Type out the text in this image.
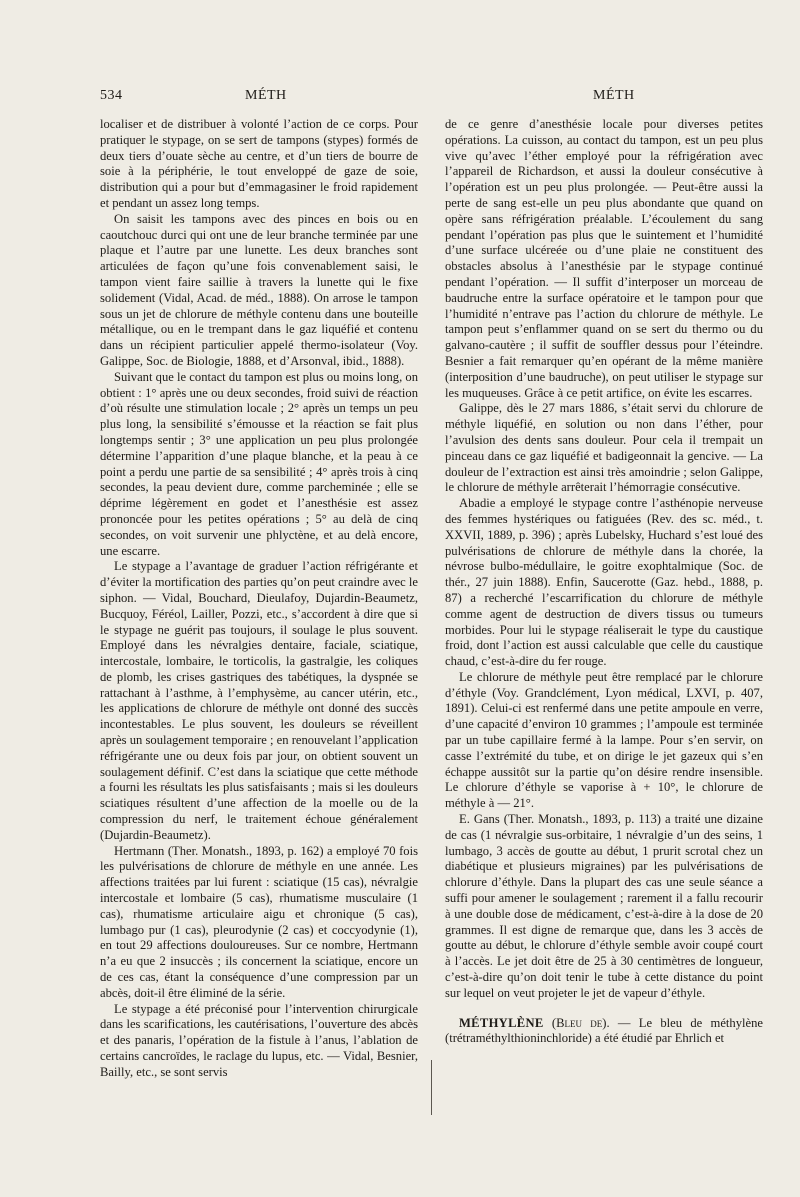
534	MÉTH	MÉTH

localiser et de distribuer à volonté l’action de ce corps. Pour pratiquer le stypage, on se sert de tampons (stypes) formés de deux tiers d’ouate sèche au centre, et d’un tiers de bourre de soie à la périphérie, le tout enveloppé de gaze de soie, distribution qui a pour but d’emmagasiner le froid rapidement et pendant un assez long temps.

On saisit les tampons avec des pinces en bois ou en caoutchouc durci qui ont une de leur branche terminée par une plaque et l’autre par une lunette. Les deux branches sont articulées de façon qu’une fois convenablement saisi, le tampon vient faire saillie à travers la lunette qui le fixe solidement (Vidal, Acad. de méd., 1888). On arrose le tampon sous un jet de chlorure de méthyle contenu dans une bouteille métallique, ou en le trempant dans le gaz liquéfié et contenu dans un récipient particulier appelé thermo-isolateur (Voy. Galippe, Soc. de Biologie, 1888, et d’Arsonval, ibid., 1888).

Suivant que le contact du tampon est plus ou moins long, on obtient : 1° après une ou deux secondes, froid suivi de réaction d’où résulte une stimulation locale ; 2° après un temps un peu plus long, la sensibilité s’émousse et la réaction se fait plus longtemps sentir ; 3° une application un peu plus prolongée détermine l’apparition d’une plaque blanche, et la peau à ce point a perdu une partie de sa sensibilité ; 4° après trois à cinq secondes, la peau devient dure, comme parcheminée ; elle se déprime légèrement en godet et l’anesthésie est assez prononcée pour les petites opérations ; 5° au delà de cinq secondes, on voit survenir une phlyctène, et au delà encore, une escarre.

Le stypage a l’avantage de graduer l’action réfrigérante et d’éviter la mortification des parties qu’on peut craindre avec le siphon. — Vidal, Bouchard, Dieulafoy, Dujardin-Beaumetz, Bucquoy, Féréol, Lailler, Pozzi, etc., s’accordent à dire que si le stypage ne guérit pas toujours, il soulage le plus souvent. Employé dans les névralgies dentaire, faciale, sciatique, intercostale, lombaire, le torticolis, la gastralgie, les coliques de plomb, les crises gastriques des tabétiques, la dyspnée se rattachant à l’asthme, à l’emphysème, au cancer utérin, etc., les applications de chlorure de méthyle ont donné des succès incontestables. Le plus souvent, les douleurs se réveillent après un soulagement temporaire ; en renouvelant l’application réfrigérante une ou deux fois par jour, on obtient souvent un soulagement définif. C’est dans la sciatique que cette méthode a fourni les résultats les plus satisfaisants ; mais si les douleurs sciatiques résultent d’une affection de la moelle ou de la compression du nerf, le traitement échoue généralement (Dujardin-Beaumetz).

Hertmann (Ther. Monatsh., 1893, p. 162) a employé 70 fois les pulvérisations de chlorure de méthyle en une année. Les affections traitées par lui furent : sciatique (15 cas), névralgie intercostale et lombaire (5 cas), rhumatisme musculaire (1 cas), rhumatisme articulaire aigu et chronique (5 cas), lumbago pur (1 cas), pleurodynie (2 cas) et coccyodynie (1), en tout 29 affections douloureuses. Sur ce nombre, Hertmann n’a eu que 2 insuccès ; ils concernent la sciatique, encore un de ces cas, étant la conséquence d’une compression par un abcès, doit-il être éliminé de la série.

Le stypage a été préconisé pour l’intervention chirurgicale dans les scarifications, les cautérisations, l’ouverture des abcès et des panaris, l’opération de la fistule à l’anus, l’ablation de certains cancroïdes, le raclage du lupus, etc. — Vidal, Besnier, Bailly, etc., se sont servis

de ce genre d’anesthésie locale pour diverses petites opérations. La cuisson, au contact du tampon, est un peu plus vive qu’avec l’éther employé pour la réfrigération avec l’appareil de Richardson, et aussi la douleur consécutive à l’opération est un peu plus prolongée. — Peut-être aussi la perte de sang est-elle un peu plus abondante que quand on opère sans réfrigération préalable. L’écoulement du sang pendant l’opération pas plus que le suintement et l’humidité d’une surface ulcéreée ou d’une plaie ne constituent des obstacles absolus à l’anesthésie par le stypage continué pendant l’opération. — Il suffit d’interposer un morceau de baudruche entre la surface opératoire et le tampon pour que l’humidité n’entrave pas l’action du chlorure de méthyle. Le tampon peut s’enflammer quand on se sert du thermo ou du galvano-cautère ; il suffit de souffler dessus pour l’éteindre. Besnier a fait remarquer qu’en opérant de la même manière (interposition d’une baudruche), on peut utiliser le stypage sur les muqueuses. Grâce à ce petit artifice, on évite les escarres.

Galippe, dès le 27 mars 1886, s’était servi du chlorure de méthyle liquéfié, en solution ou non dans l’éther, pour l’avulsion des dents sans douleur. Pour cela il trempait un pinceau dans ce gaz liquéfié et badigeonnait la gencive. — La douleur de l’extraction est ainsi très amoindrie ; selon Galippe, le chlorure de méthyle arrêterait l’hémorragie consécutive.

Abadie a employé le stypage contre l’asthénopie nerveuse des femmes hystériques ou fatiguées (Rev. des sc. méd., t. XXVII, 1889, p. 396) ; après Lubelsky, Huchard s’est loué des pulvérisations de chlorure de méthyle dans la chorée, la névrose bulbo-médullaire, le goitre exophtalmique (Soc. de thér., 27 juin 1888). Enfin, Saucerotte (Gaz. hebd., 1888, p. 87) a recherché l’escarrification du chlorure de méthyle comme agent de destruction de divers tissus ou tumeurs morbides. Pour lui le stypage réaliserait le type du caustique froid, dont l’action est aussi calculable que celle du caustique chaud, c’est-à-dire du fer rouge.

Le chlorure de méthyle peut être remplacé par le chlorure d’éthyle (Voy. Grandclément, Lyon médical, LXVI, p. 407, 1891). Celui-ci est renfermé dans une petite ampoule en verre, d’une capacité d’environ 10 grammes ; l’ampoule est terminée par un tube capillaire fermé à la lampe. Pour s’en servir, on casse l’extrémité du tube, et on dirige le jet gazeux qui s’en échappe aussitôt sur la partie qu’on désire rendre insensible. Le chlorure d’éthyle se vaporise à + 10°, le chlorure de méthyle à — 21°.

E. Gans (Ther. Monatsh., 1893, p. 113) a traité une dizaine de cas (1 névralgie sus-orbitaire, 1 névralgie d’un des seins, 1 lumbago, 3 accès de goutte au début, 1 prurit scrotal chez un diabétique et plusieurs migraines) par les pulvérisations de chlorure d’éthyle. Dans la plupart des cas une seule séance a suffi pour amener le soulagement ; rarement il a fallu recourir à une double dose de médicament, c’est-à-dire à la dose de 20 grammes. Il est digne de remarque que, dans les 3 accès de goutte au début, le chlorure d’éthyle semble avoir coupé court à l’accès. Le jet doit être de 25 à 30 centimètres de longueur, c’est-à-dire qu’on doit tenir le tube à cette distance du point sur lequel on veut projeter le jet de vapeur d’éthyle.

MÉTHYLÈNE (Bleu de). — Le bleu de méthylène (trétraméthylthioninchloride) a été étudié par Ehrlich et
